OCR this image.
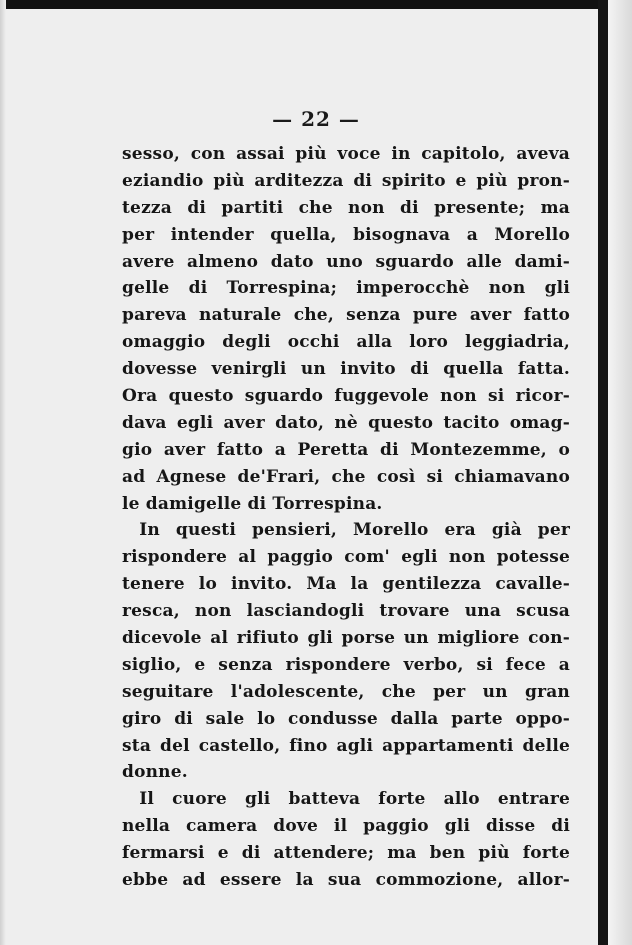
— 22 —
sesso, con assai più voce in capitolo, aveva
eziandio più arditezza di spirito e più pron-
tezza di partiti che non di presente; ma
per intender quella, bisognava a Morello
avere almeno dato uno sguardo alle dami-
gelle di Torrespina; imperocchè non gli
pareva naturale che, senza pure aver fatto
omaggio degli occhi alla loro leggiadria,
dovesse venirgli un invito di quella fatta.
Ora questo sguardo fuggevole non si ricor-
dava egli aver dato, nè questo tacito omag-
gio aver fatto a Peretta di Montezemme, o
ad Agnese de'Frari, che così si chiamavano
le damigelle di Torrespina.
 In questi pensieri, Morello era già per
rispondere al paggio com' egli non potesse
tenere lo invito. Ma la gentilezza cavalle-
resca, non lasciandogli trovare una scusa
dicevole al rifiuto gli porse un migliore con-
siglio, e senza rispondere verbo, si fece a
seguitare l'adolescente, che per un gran
giro di sale lo condusse dalla parte oppo-
sta del castello, fino agli appartamenti delle
donne.
 Il cuore gli batteva forte allo entrare
nella camera dove il paggio gli disse di
fermarsi e di attendere; ma ben più forte
ebbe ad essere la sua commozione, allor-
